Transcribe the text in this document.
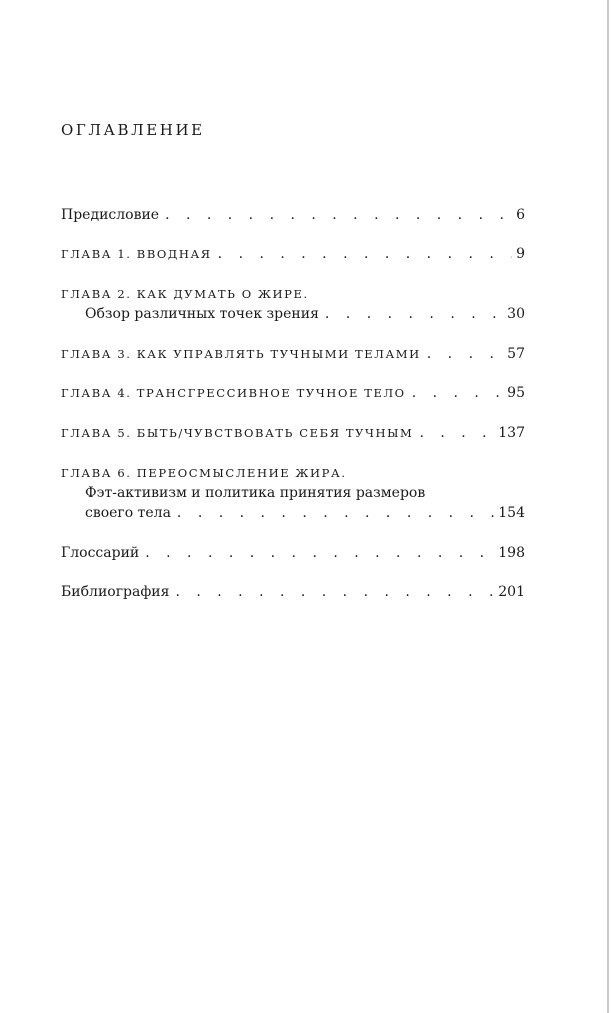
ОГЛАВЛЕНИЕ
Предисловие . . .	6
ГЛАВА 1. ВВОДНАЯ . . .	9
ГЛАВА 2. КАК ДУМАТЬ О ЖИРЕ.
Обзор различных точек зрения . . .	30
ГЛАВА 3. КАК УПРАВЛЯТЬ ТУЧНЫМИ ТЕЛАМИ . . .	57
ГЛАВА 4. ТРАНСГРЕССИВНОЕ ТУЧНОЕ ТЕЛО . . .	95
ГЛАВА 5. БЫТЬ/ЧУВСТВОВАТЬ СЕБЯ ТУЧНЫМ . . .	137
ГЛАВА 6. ПЕРЕОСМЫСЛЕНИЕ ЖИРА.
Фэт-активизм и политика принятия размеров
своего тела . . .	154
Глоссарий . . .	198
Библиография . . .	201
